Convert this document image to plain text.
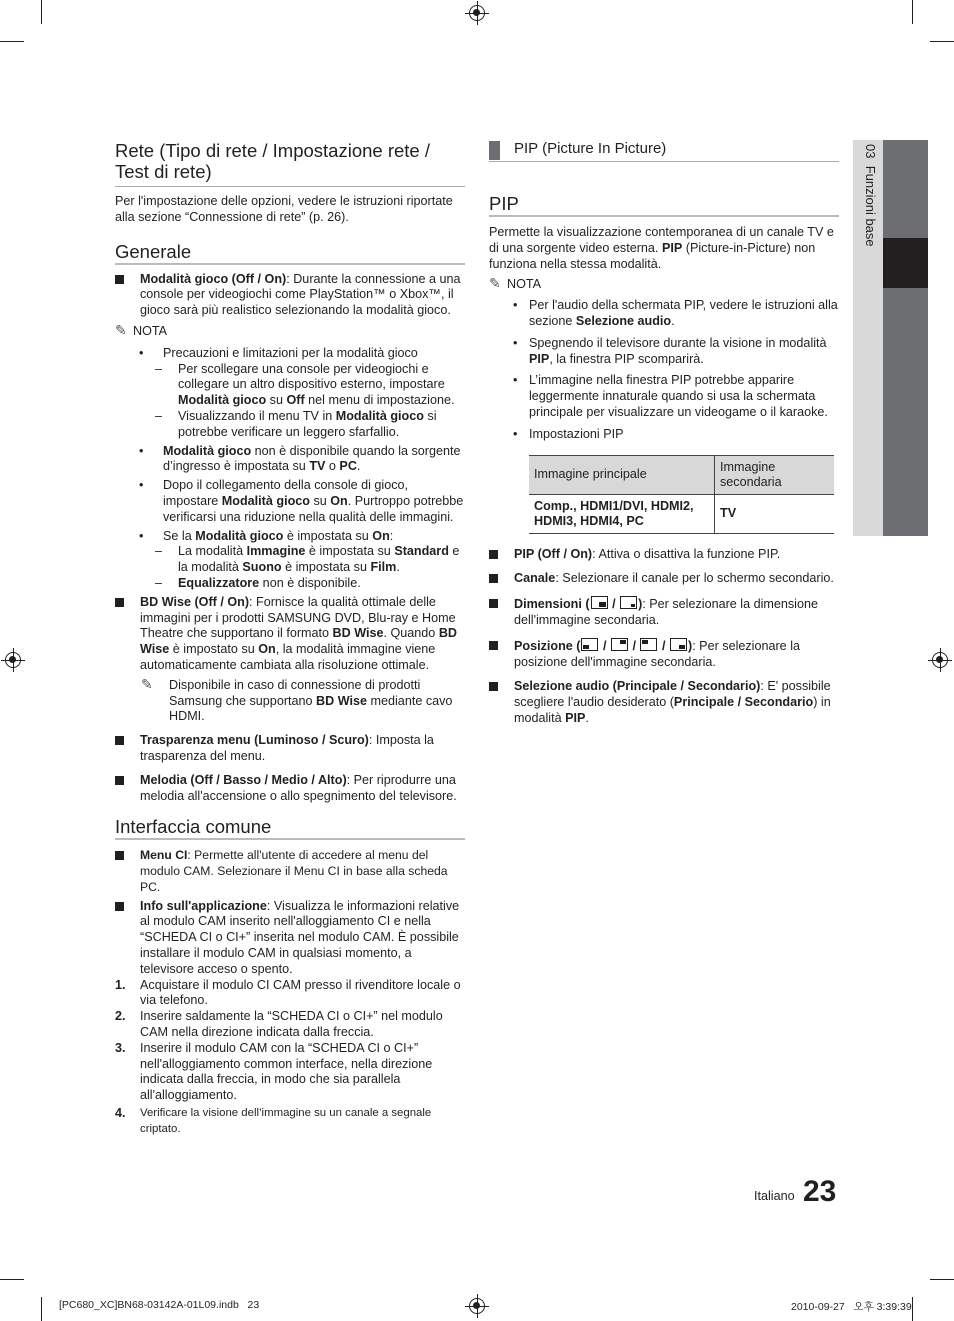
03  Funzioni base
Rete (Tipo di rete / Impostazione rete / Test di rete)

Per l'impostazione delle opzioni, vedere le istruzioni riportate alla sezione “Connessione di rete” (p. 26).

Generale
Modalità gioco (Off / On): Durante la connessione a una console per videogiochi come PlayStation™ o Xbox™, il gioco sarà più realistico selezionando la modalità gioco.
✎ NOTA

• Precauzioni e limitazioni per la modalità gioco

– Per scollegare una console per videogiochi e collegare un altro dispositivo esterno, impostare Modalità gioco su Off nel menu di impostazione.
– Visualizzando il menu TV in Modalità gioco si potrebbe verificare un leggero sfarfallio.

• Modalità gioco non è disponibile quando la sorgente d’ingresso è impostata su TV o PC.

• Dopo il collegamento della console di gioco, impostare Modalità gioco su On. Purtroppo potrebbe verificarsi una riduzione nella qualità delle immagini.

• Se la Modalità gioco è impostata su On:

– La modalità Immagine è impostata su Standard e la modalità Suono è impostata su Film.
– Equalizzatore non è disponibile.
BD Wise (Off / On): Fornisce la qualità ottimale delle immagini per i prodotti SAMSUNG DVD, Blu-ray e Home Theatre che supportano il formato BD Wise. Quando BD Wise è impostato su On, la modalità immagine viene automaticamente cambiata alla risoluzione ottimale.
✎	Disponibile in caso di connessione di prodotti Samsung che supportano BD Wise mediante cavo HDMI.
Trasparenza menu (Luminoso / Scuro): Imposta la trasparenza del menu.
Melodia (Off / Basso / Medio / Alto): Per riprodurre una melodia all'accensione o allo spegnimento del televisore.
Interfaccia comune
Menu CI: Permette all'utente di accedere al menu del modulo CAM. Selezionare il Menu CI in base alla scheda PC.
Info sull'applicazione: Visualizza le informazioni relative al modulo CAM inserito nell'alloggiamento CI e nella “SCHEDA CI o CI+” inserita nel modulo CAM. È possibile installare il modulo CAM in qualsiasi momento, a televisore acceso o spento.
1. Acquistare il modulo CI CAM presso il rivenditore locale o via telefono.
2. Inserire saldamente la “SCHEDA CI o CI+” nel modulo CAM nella direzione indicata dalla freccia.
3. Inserire il modulo CAM con la “SCHEDA CI o CI+” nell'alloggiamento common interface, nella direzione indicata dalla freccia, in modo che sia parallela all'alloggiamento.
4. Verificare la visione dell’immagine su un canale a segnale criptato.
PIP (Picture In Picture)
PIP

Permette la visualizzazione contemporanea di un canale TV e di una sorgente video esterna. PIP (Picture-in-Picture) non funziona nella stessa modalità.

✎ NOTA

• Per l'audio della schermata PIP, vedere le istruzioni alla sezione Selezione audio.

• Spegnendo il televisore durante la visione in modalità PIP, la finestra PIP scomparirà.

• L’immagine nella finestra PIP potrebbe apparire leggermente innaturale quando si usa la schermata principale per visualizzare un videogame o il karaoke.

• Impostazioni PIP

Immagine principale	Immagine secondaria
Comp., HDMI1/DVI, HDMI2, HDMI3, HDMI4, PC	TV
PIP (Off / On): Attiva o disattiva la funzione PIP.
Canale: Selezionare il canale per lo schermo secondario.
Dimensioni (
/
): Per selezionare la dimensione dell'immagine secondaria.
Posizione (
/
/
/
): Per selezionare la posizione dell'immagine secondaria.
Selezione audio (Principale / Secondario): E' possibile scegliere l'audio desiderato (Principale / Secondario) in modalità PIP.
Italiano 23
[PC680_XC]BN68-03142A-01L09.indb   23	2010-09-27   오후 3:39:39
